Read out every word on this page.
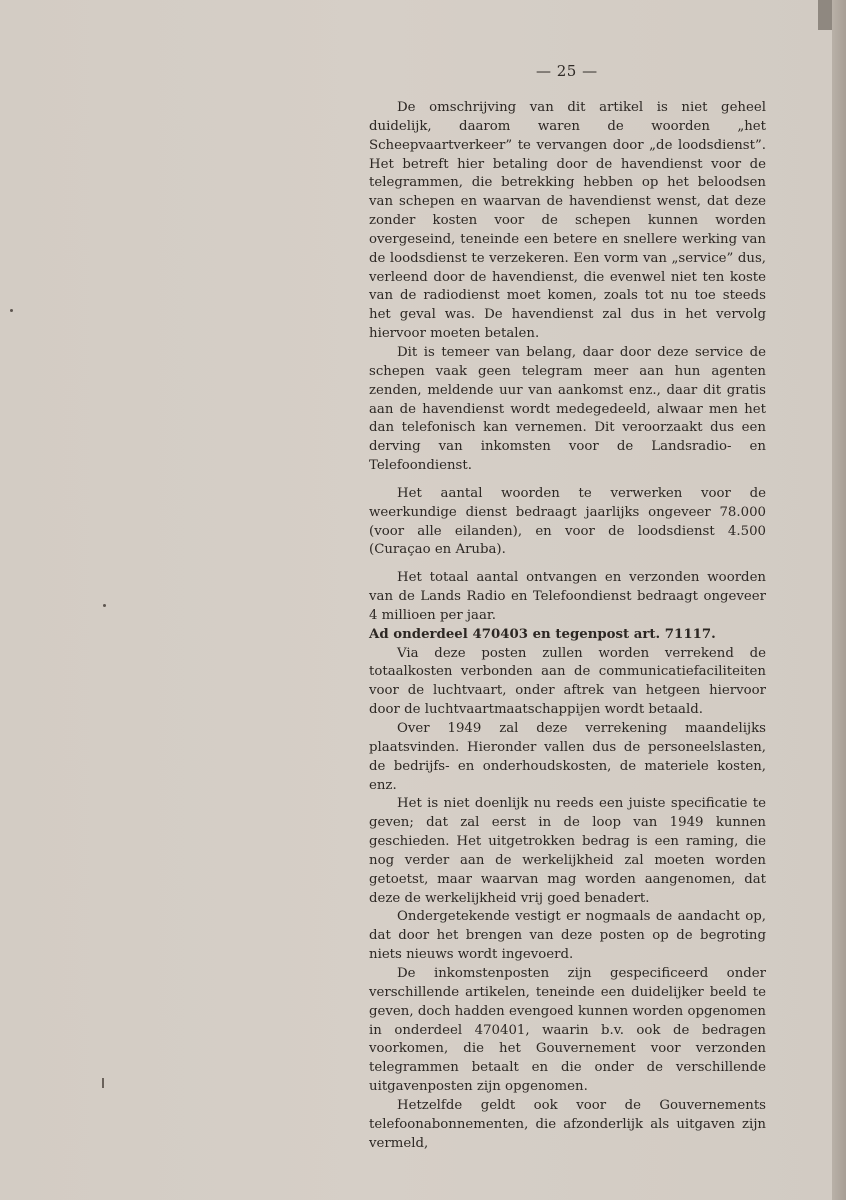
— 25 —

De omschrijving van dit artikel is niet geheel duidelijk, daarom waren de woorden „het Scheepvaartverkeer” te vervangen door „de loodsdienst”. Het betreft hier betaling door de havendienst voor de telegrammen, die betrekking hebben op het beloodsen van schepen en waarvan de havendienst wenst, dat deze zonder kosten voor de schepen kunnen worden overgeseind, teneinde een betere en snellere werking van de loodsdienst te verzekeren. Een vorm van „service” dus, verleend door de havendienst, die evenwel niet ten koste van de radiodienst moet komen, zoals tot nu toe steeds het geval was. De havendienst zal dus in het vervolg hiervoor moeten betalen.

Dit is temeer van belang, daar door deze service de schepen vaak geen telegram meer aan hun agenten zenden, meldende uur van aankomst enz., daar dit gratis aan de havendienst wordt medegedeeld, alwaar men het dan telefonisch kan vernemen. Dit veroorzaakt dus een derving van inkomsten voor de Landsradio- en Telefoondienst.

Het aantal woorden te verwerken voor de weerkundige dienst bedraagt jaarlijks ongeveer 78.000 (voor alle eilanden), en voor de loodsdienst 4.500 (Curaçao en Aruba).

Het totaal aantal ontvangen en verzonden woorden van de Lands Radio en Telefoondienst bedraagt ongeveer 4 millioen per jaar.

Ad onderdeel 470403 en tegenpost art. 71117.

Via deze posten zullen worden verrekend de totaalkosten verbonden aan de communicatiefaciliteiten voor de luchtvaart, onder aftrek van hetgeen hiervoor door de luchtvaartmaatschappijen wordt betaald.

Over 1949 zal deze verrekening maandelijks plaatsvinden. Hieronder vallen dus de personeelslasten, de bedrijfs- en onderhoudskosten, de materiele kosten, enz.

Het is niet doenlijk nu reeds een juiste specificatie te geven; dat zal eerst in de loop van 1949 kunnen geschieden. Het uitgetrokken bedrag is een raming, die nog verder aan de werkelijkheid zal moeten worden getoetst, maar waarvan mag worden aangenomen, dat deze de werkelijkheid vrij goed benadert.

Ondergetekende vestigt er nogmaals de aandacht op, dat door het brengen van deze posten op de begroting niets nieuws wordt ingevoerd.

De inkomstenposten zijn gespecificeerd onder verschillende artikelen, teneinde een duidelijker beeld te geven, doch hadden evengoed kunnen worden opgenomen in onderdeel 470401, waarin b.v. ook de bedragen voorkomen, die het Gouvernement voor verzonden telegrammen betaalt en die onder de verschillende uitgavenposten zijn opgenomen.

Hetzelfde geldt ook voor de Gouvernements telefoonabonnementen, die afzonderlijk als uitgaven zijn vermeld,
